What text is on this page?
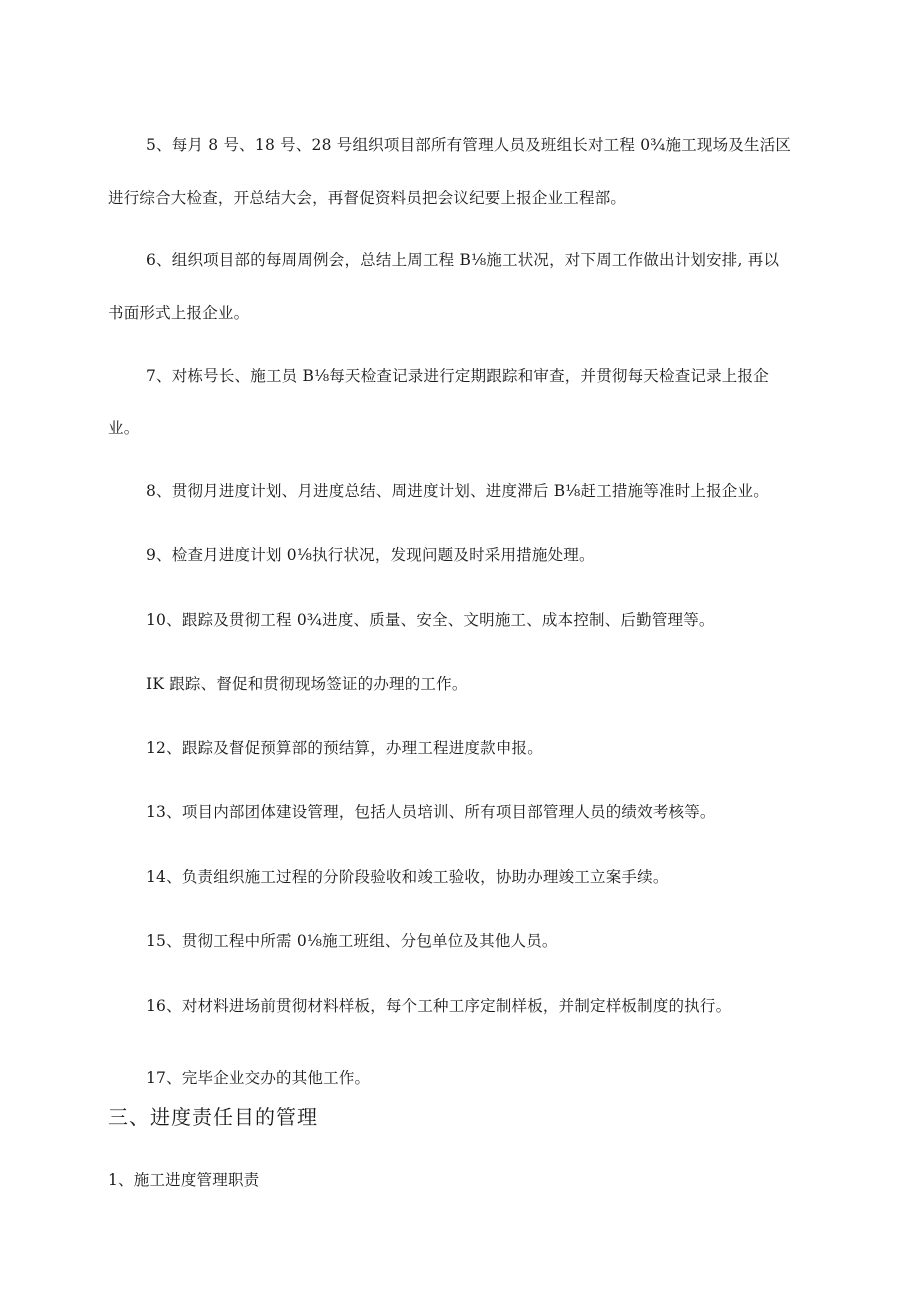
5、每月 8 号、18 号、28 号组织项目部所有管理人员及班组长对工程 0¾施工现场及生活区
进行综合大检查，开总结大会，再督促资料员把会议纪要上报企业工程部。
6、组织项目部的每周周例会，总结上周工程 B⅛施工状况，对下周工作做出计划安排, 再以
书面形式上报企业。
7、对栋号长、施工员 B⅛每天检查记录进行定期跟踪和审查，并贯彻每天检查记录上报企
业。
8、贯彻月进度计划、月进度总结、周进度计划、进度滞后 B⅛赶工措施等准时上报企业。
9、检查月进度计划 0⅛执行状况，发现问题及时采用措施处理。
10、跟踪及贯彻工程 0¾进度、质量、安全、文明施工、成本控制、后勤管理等。
IK 跟踪、督促和贯彻现场签证的办理的工作。
12、跟踪及督促预算部的预结算，办理工程进度款申报。
13、项目内部团体建设管理，包括人员培训、所有项目部管理人员的绩效考核等。
14、负责组织施工过程的分阶段验收和竣工验收，协助办理竣工立案手续。
15、贯彻工程中所需 0⅛施工班组、分包单位及其他人员。
16、对材料进场前贯彻材料样板，每个工种工序定制样板，并制定样板制度的执行。
17、完毕企业交办的其他工作。
三、进度责任目的管理
1、施工进度管理职责
